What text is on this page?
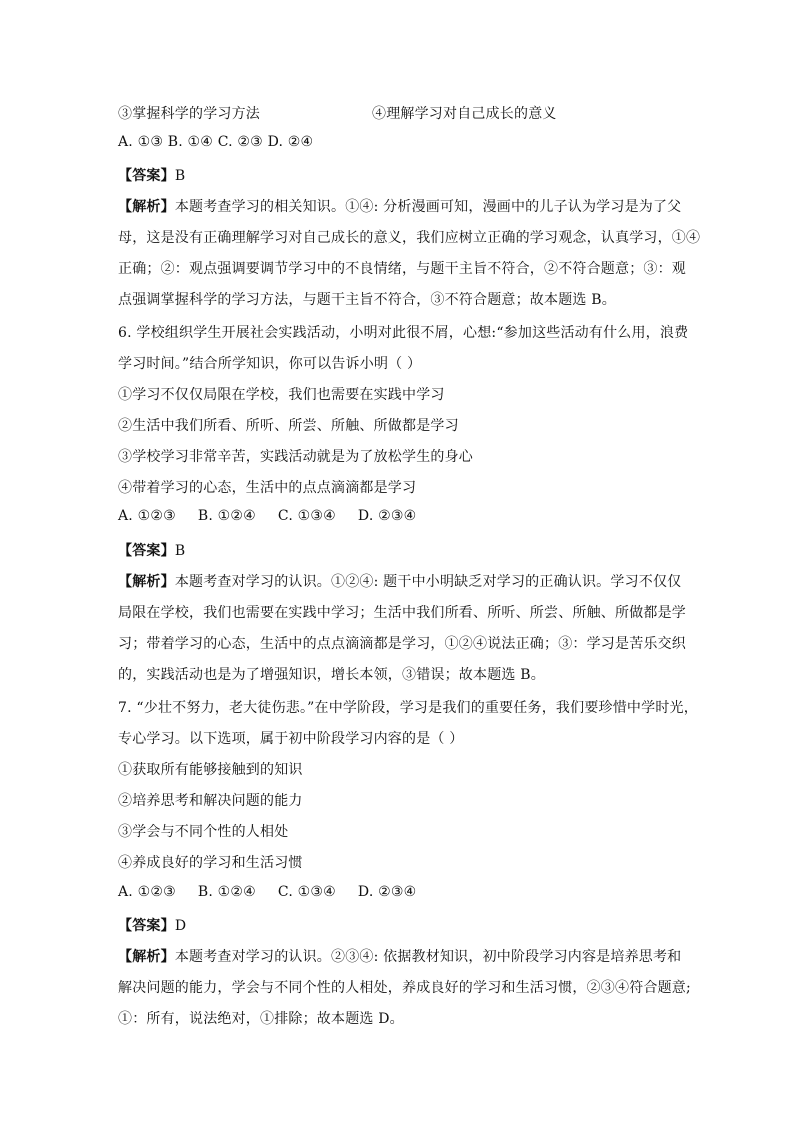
③掌握科学的学习方法	④理解学习对自己成长的意义
A. ①③ B. ①④ C. ②③ D. ②④
【答案】B
【解析】本题考查学习的相关知识。①④: 分析漫画可知，漫画中的儿子认为学习是为了父
母，这是没有正确理解学习对自己成长的意义，我们应树立正确的学习观念，认真学习，①④
正确；②：观点强调要调节学习中的不良情绪，与题干主旨不符合，②不符合题意；③：观
点强调掌握科学的学习方法，与题干主旨不符合，③不符合题意；故本题选 B。
6. 学校组织学生开展社会实践活动，小明对此很不屑，心想:“参加这些活动有什么用，浪费
学习时间。”结合所学知识，你可以告诉小明（ ）
①学习不仅仅局限在学校，我们也需要在实践中学习
②生活中我们所看、所听、所尝、所触、所做都是学习
③学校学习非常辛苦，实践活动就是为了放松学生的身心
④带着学习的心态，生活中的点点滴滴都是学习
A. ①②③ B. ①②④ C. ①③④ D. ②③④
【答案】B
【解析】本题考查对学习的认识。①②④: 题干中小明缺乏对学习的正确认识。学习不仅仅
局限在学校，我们也需要在实践中学习；生活中我们所看、所听、所尝、所触、所做都是学
习；带着学习的心态，生活中的点点滴滴都是学习，①②④说法正确；③：学习是苦乐交织
的，实践活动也是为了增强知识，增长本领，③错误；故本题选 B。
7. “少壮不努力，老大徒伤悲。”在中学阶段，学习是我们的重要任务，我们要珍惜中学时光，
专心学习。以下选项，属于初中阶段学习内容的是（ ）
①获取所有能够接触到的知识
②培养思考和解决问题的能力
③学会与不同个性的人相处
④养成良好的学习和生活习惯
A. ①②③ B. ①②④ C. ①③④ D. ②③④
【答案】D
【解析】本题考查对学习的认识。②③④: 依据教材知识，初中阶段学习内容是培养思考和
解决问题的能力，学会与不同个性的人相处，养成良好的学习和生活习惯，②③④符合题意;
①：所有，说法绝对，①排除；故本题选 D。
